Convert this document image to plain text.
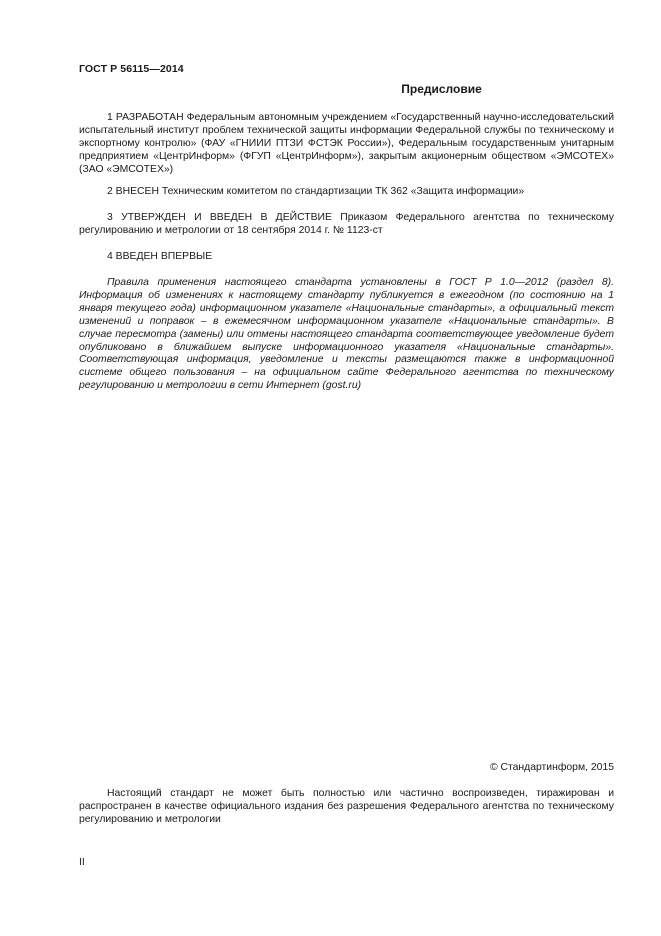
ГОСТ Р 56115—2014
Предисловие

1 РАЗРАБОТАН Федеральным автономным учреждением «Государственный научно-исследовательский испытательный институт проблем технической защиты информации Федеральной службы по техническому и экспортному контролю» (ФАУ «ГНИИИ ПТЗИ ФСТЭК России»), Федеральным государственным унитарным предприятием «ЦентрИнформ» (ФГУП «ЦентрИнформ»), закрытым акционерным обществом «ЭМСОТЕХ» (ЗАО «ЭМСОТЕХ»)

2 ВНЕСЕН Техническим комитетом по стандартизации ТК 362 «Защита информации»

3 УТВЕРЖДЕН И ВВЕДЕН В ДЕЙСТВИЕ Приказом Федерального агентства по техническому регулированию и метрологии от 18 сентября 2014 г. № 1123-ст

4 ВВЕДЕН ВПЕРВЫЕ

Правила применения настоящего стандарта установлены в ГОСТ Р 1.0—2012 (раздел 8). Информация об изменениях к настоящему стандарту публикуется в ежегодном (по состоянию на 1 января текущего года) информационном указателе «Национальные стандарты», а официальный текст изменений и поправок – в ежемесячном информационном указателе «Национальные стандарты». В случае пересмотра (замены) или отмены настоящего стандарта соответствующее уведомление будет опубликовано в ближайшем выпуске информационного указателя «Национальные стандарты». Соответствующая информация, уведомление и тексты размещаются также в информационной системе общего пользования – на официальном сайте Федерального агентства по техническому регулированию и метрологии в сети Интернет (gost.ru)

© Стандартинформ, 2015

Настоящий стандарт не может быть полностью или частично воспроизведен, тиражирован и распространен в качестве официального издания без разрешения Федерального агентства по техническому регулированию и метрологии

II
